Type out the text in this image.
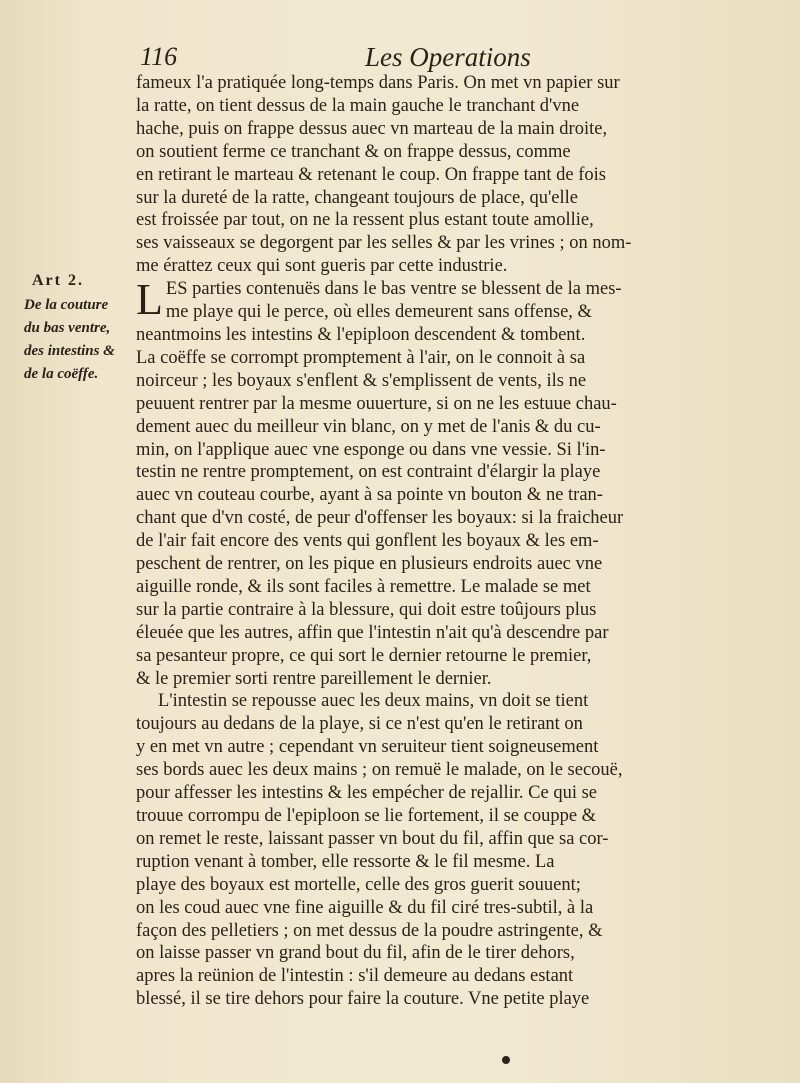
116	Les Operations
Art 2.
De la couture
du bas ventre,
des intestins &
de la coëffe.
fameux l'a pratiquée long-temps dans Paris. On met vn papier sur
la ratte, on tient dessus de la main gauche le tranchant d'vne
hache, puis on frappe dessus auec vn marteau de la main droite,
on soutient ferme ce tranchant & on frappe dessus, comme
en retirant le marteau & retenant le coup. On frappe tant de fois
sur la dureté de la ratte, changeant toujours de place, qu'elle
est froissée par tout, on ne la ressent plus estant toute amollie,
ses vaisseaux se degorgent par les selles & par les vrines ; on nom-
me érattez ceux qui sont gueris par cette industrie.
L ES parties contenuës dans le bas ventre se blessent de la mes-
me playe qui le perce, où elles demeurent sans offense, &
neantmoins les intestins & l'epiploon descendent & tombent.
La coëffe se corrompt promptement à l'air, on le connoit à sa
noirceur ; les boyaux s'enflent & s'emplissent de vents, ils ne
peuuent rentrer par la mesme ouuerture, si on ne les estuue chau-
dement auec du meilleur vin blanc, on y met de l'anis & du cu-
min, on l'applique auec vne esponge ou dans vne vessie. Si l'in-
testin ne rentre promptement, on est contraint d'élargir la playe
auec vn couteau courbe, ayant à sa pointe vn bouton & ne tran-
chant que d'vn costé, de peur d'offenser les boyaux: si la fraicheur
de l'air fait encore des vents qui gonflent les boyaux & les em-
peschent de rentrer, on les pique en plusieurs endroits auec vne
aiguille ronde, & ils sont faciles à remettre. Le malade se met
sur la partie contraire à la blessure, qui doit estre toûjours plus
éleuée que les autres, affin que l'intestin n'ait qu'à descendre par
sa pesanteur propre, ce qui sort le dernier retourne le premier,
& le premier sorti rentre pareillement le dernier.
L'intestin se repousse auec les deux mains, vn doit se tient
toujours au dedans de la playe, si ce n'est qu'en le retirant on
y en met vn autre ; cependant vn seruiteur tient soigneusement
ses bords auec les deux mains ; on remuë le malade, on le secouë,
pour affesser les intestins & les empécher de rejallir. Ce qui se
trouue corrompu de l'epiploon se lie fortement, il se couppe &
on remet le reste, laissant passer vn bout du fil, affin que sa cor-
ruption venant à tomber, elle ressorte & le fil mesme. La
playe des boyaux est mortelle, celle des gros guerit souuent;
on les coud auec vne fine aiguille & du fil ciré tres-subtil, à la
façon des pelletiers ; on met dessus de la poudre astringente, &
on laisse passer vn grand bout du fil, afin de le tirer dehors,
apres la reünion de l'intestin : s'il demeure au dedans estant
blessé, il se tire dehors pour faire la couture. Vne petite playe
